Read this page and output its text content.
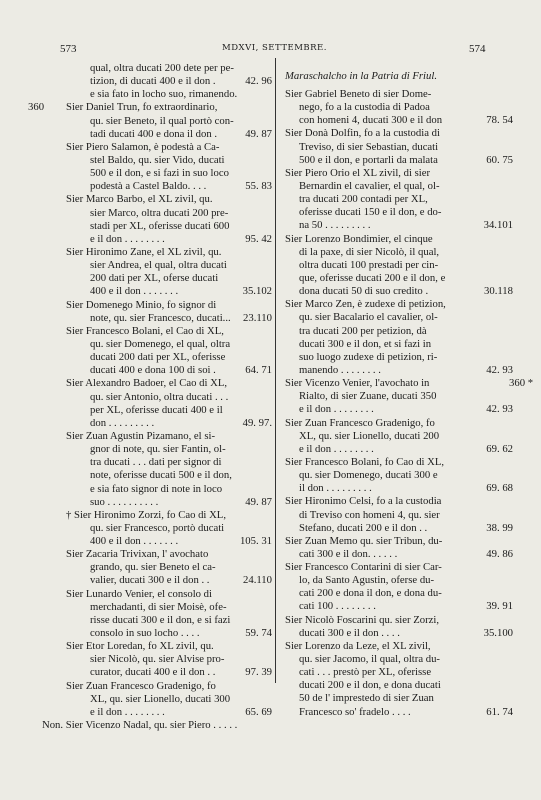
573	MDXVI, SETTEMBRE.	574
qual, oltra ducati 200 dete per pe-
tizion, di ducati 400 e il don .	42. 96
e sia fato in locho suo, rimanendo.
Sier Daniel Trun, fo extraordinario,
360
qu. sier Beneto, il qual portò con-
tadi ducati 400 e dona il don .	49. 87
Sier Piero Salamon, è podestà a Ca-
stel Baldo, qu. sier Vido, ducati
500 e il don, e si fazi in suo loco
podestà a Castel Baldo. . . .	55. 83
Sier Marco Barbo, el XL zivil, qu.
sier Marco, oltra ducati 200 pre-
stadi per XL, oferisse ducati 600
e il don . . . . . . . .	95. 42
Sier Hironimo Zane, el XL zivil, qu.
sier Andrea, el qual, oltra ducati
200 dati per XL, oferse ducati
400 e il don . . . . . . .	35.102
Sier Domenego Minio, fo signor di
note, qu. sier Francesco, ducati... 23.110
Sier Francesco Bolani, el Cao di XL,
qu. sier Domenego, el qual, oltra
ducati 200 dati per XL, oferisse
ducati 400 e dona 100 di soi .	64. 71
Sier Alexandro Badoer, el Cao di XL,
qu. sier Antonio, oltra ducati . . .
per XL, oferisse ducati 400 e il
don . . . . . . . . .	49. 97.
Sier Zuan Agustin Pizamano, el si-
gnor di note, qu. sier Fantin, ol-
tra ducati . . . dati per signor di
note, oferisse ducati 500 e il don,
e sia fato signor di note in loco
suo . . . . . . . . . .	49. 87
† Sier Hironimo Zorzi, fo Cao di XL,
qu. sier Francesco, portò ducati
400 e il don . . . . . . .	105. 31
Sier Zacaria Trivixan, l' avochato
grando, qu. sier Beneto el ca-
valier, ducati 300 e il don . .	24.110
Sier Lunardo Venier, el consolo di
merchadanti, di sier Moisè, ofe-
risse ducati 300 e il don, e si fazi
consolo in suo locho . . . .	59. 74
Sier Etor Loredan, fo XL zivil, qu.
sier Nicolò, qu. sier Alvise pro-
curator, ducati 400 e il don . .	97. 39
Sier Zuan Francesco Gradenigo, fo
XL, qu. sier Lionello, ducati 300
e il don . . . . . . . .	65. 69
Non. Sier Vicenzo Nadal, qu. sier Piero . . . . .
Maraschalcho in la Patria di Friul.
Sier Gabriel Beneto di sier Dome-
nego, fo a la custodia di Padoa
con homeni 4, ducati 300 e il don	78. 54
Sier Donà Dolfin, fo a la custodia di
Treviso, di sier Sebastian, ducati
500 e il don, e portarli da malata	60. 75
Sier Piero Orio el XL zivil, di sier
Bernardin el cavalier, el qual, ol-
tra ducati 200 contadi per XL,
oferisse ducati 150 e il don, e do-
na 50 . . . . . . . . .	34.101
Sier Lorenzo Bondimier, el cinque
di la paxe, di sier Nicolò, il qual,
oltra ducati 100 prestadi per cin-
que, oferisse ducati 200 e il don, e
dona ducati 50 di suo credito .	30.118
Sier Marco Zen, è zudexe di petizion,
qu. sier Bacalario el cavalier, ol-
tra ducati 200 per petizion, dà
ducati 300 e il don, et si fazi in
suo luogo zudexe di petizion, ri-
manendo . . . . . . . .	42. 93
Sier Vicenzo Venier, l'avochato in	360 *
Rialto, di sier Zuane, ducati 350
e il don . . . . . . . .	42. 93
Sier Zuan Francesco Gradenigo, fo
XL, qu. sier Lionello, ducati 200
e il don . . . . . . . .	69. 62
Sier Francesco Bolani, fo Cao di XL,
qu. sier Domenego, ducati 300 e
il don . . . . . . . . .	69. 68
Sier Hironimo Celsi, fo a la custodia
di Treviso con homeni 4, qu. sier
Stefano, ducati 200 e il don . .	38. 99
Sier Zuan Memo qu. sier Tribun, du-
cati 300 e il don. . . . . .	49. 86
Sier Francesco Contarini di sier Car-
lo, da Santo Agustin, oferse du-
cati 200 e dona il don, e dona du-
cati 100 . . . . . . . .	39. 91
Sier Nicolò Foscarini qu. sier Zorzi,
ducati 300 e il don . . . .	35.100
Sier Lorenzo da Leze, el XL zivil,
qu. sier Jacomo, il qual, oltra du-
cati . . . prestò per XL, oferisse
ducati 200 e il don, e dona ducati
50 de l' imprestedo di sier Zuan
Francesco so' fradelo . . . .	61. 74
